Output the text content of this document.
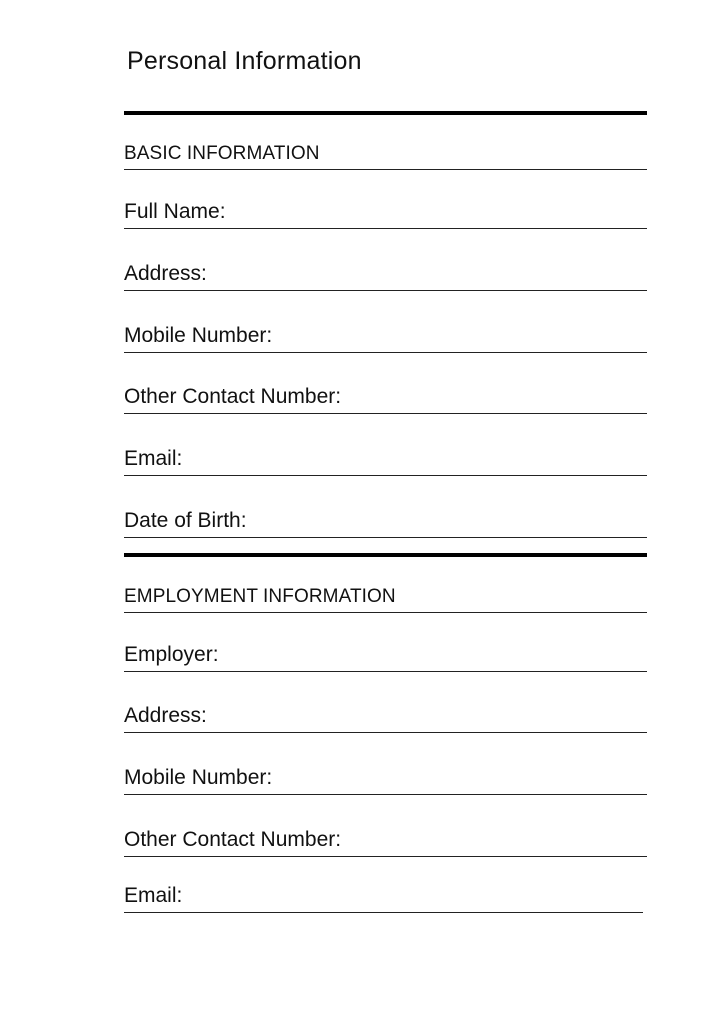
Personal Information
BASIC INFORMATION
Full Name:
Address:
Mobile Number:
Other Contact Number:
Email:
Date of Birth:
EMPLOYMENT INFORMATION
Employer:
Address:
Mobile Number:
Other Contact Number:
Email:
